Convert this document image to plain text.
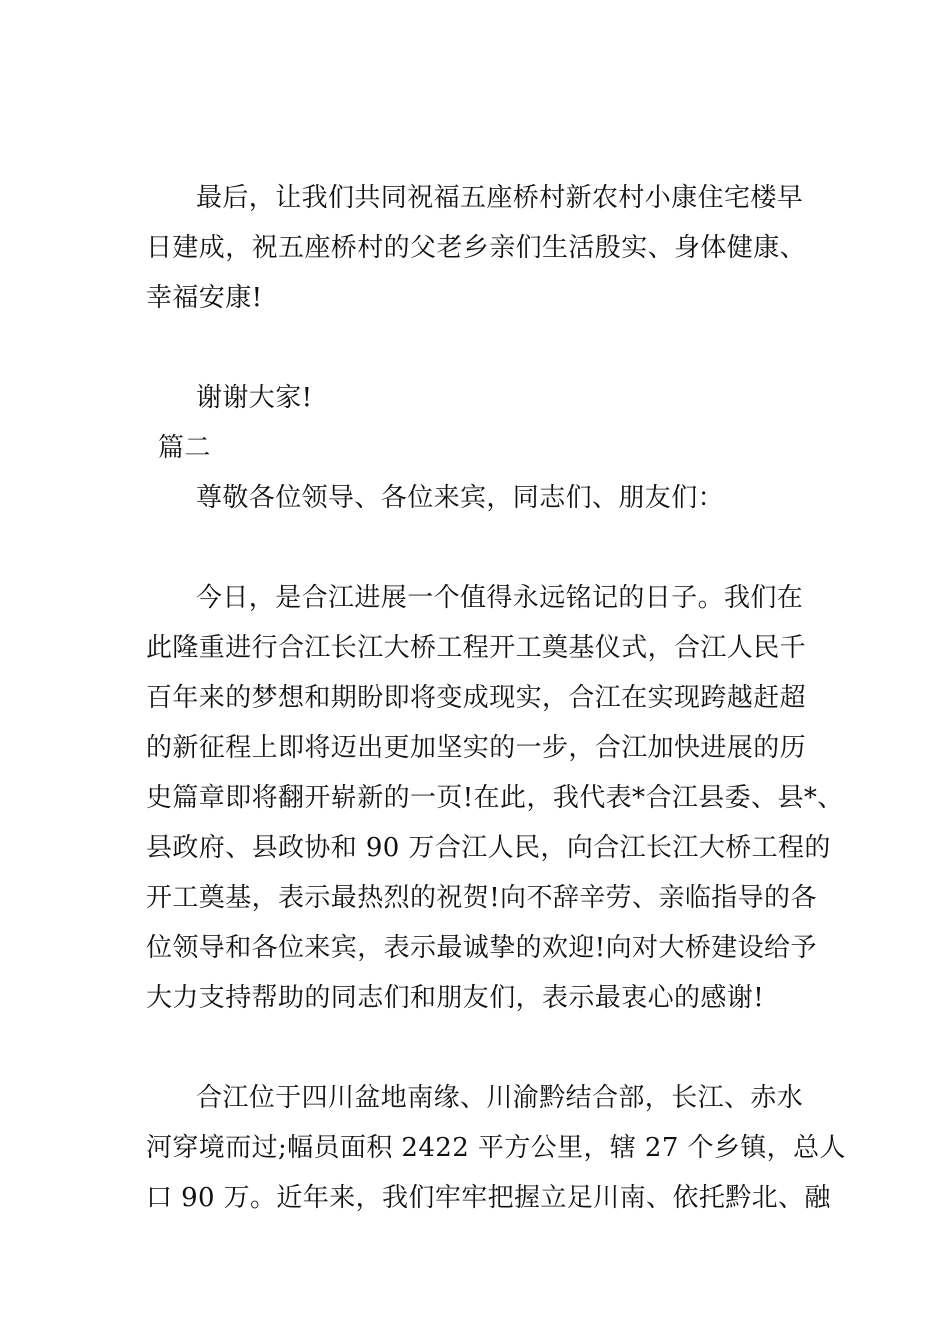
最后，让我们共同祝福五座桥村新农村小康住宅楼早
日建成，祝五座桥村的父老乡亲们生活殷实、身体健康、
幸福安康!
谢谢大家!
篇二
尊敬各位领导、各位来宾，同志们、朋友们：
今日，是合江进展一个值得永远铭记的日子。我们在
此隆重进行合江长江大桥工程开工奠基仪式，合江人民千
百年来的梦想和期盼即将变成现实，合江在实现跨越赶超
的新征程上即将迈出更加坚实的一步，合江加快进展的历
史篇章即将翻开崭新的一页!在此，我代表*合江县委、县*、
县政府、县政协和 90 万合江人民，向合江长江大桥工程的
开工奠基，表示最热烈的祝贺!向不辞辛劳、亲临指导的各
位领导和各位来宾，表示最诚挚的欢迎!向对大桥建设给予
大力支持帮助的同志们和朋友们，表示最衷心的感谢!
合江位于四川盆地南缘、川渝黔结合部，长江、赤水
河穿境而过;幅员面积 2422 平方公里，辖 27 个乡镇，总人
口 90 万。近年来，我们牢牢把握立足川南、依托黔北、融
